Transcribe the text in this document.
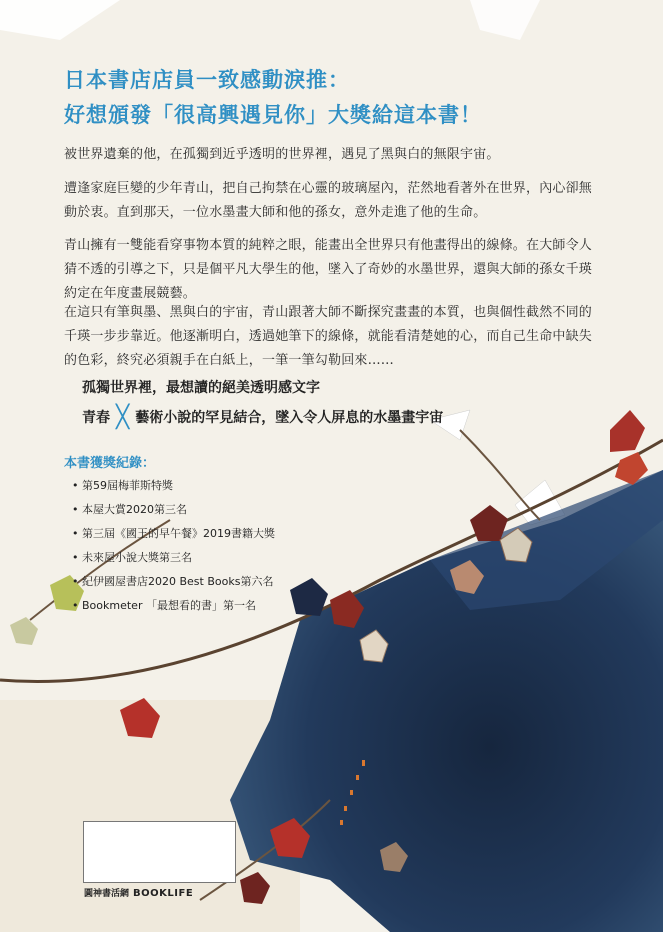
日本書店店員一致感動淚推：
好想頒發「很高興遇見你」大獎給這本書！
被世界遺棄的他，在孤獨到近乎透明的世界裡，遇見了黑與白的無限宇宙。
遭逢家庭巨變的少年青山，把自己拘禁在心靈的玻璃屋內，茫然地看著外在世界，內心卻無動於衷。直到那天，一位水墨畫大師和他的孫女，意外走進了他的生命。
青山擁有一雙能看穿事物本質的純粹之眼，能畫出全世界只有他畫得出的線條。在大師令人猜不透的引導之下，只是個平凡大學生的他，墜入了奇妙的水墨世界，還與大師的孫女千瑛約定在年度畫展競藝。
在這只有筆與墨、黑與白的宇宙，青山跟著大師不斷探究畫畫的本質，也與個性截然不同的千瑛一步步靠近。他逐漸明白，透過她筆下的線條，就能看清楚她的心，而自己生命中缺失的色彩，終究必須親手在白紙上，一筆一筆勾勒回來……
孤獨世界裡，最想讀的絕美透明感文字
青春 ╳ 藝術小說的罕見結合，墜入令人屏息的水墨畫宇宙
本書獲獎紀錄：
• 第59屆梅菲斯特獎
• 本屋大賞2020第三名
• 第三屆《國王的早午餐》2019書籍大獎
• 未來屋小說大獎第三名
• 紀伊國屋書店2020 Best Books第六名
• Bookmeter 「最想看的書」第一名
圓神書活網 BOOKLIFE
